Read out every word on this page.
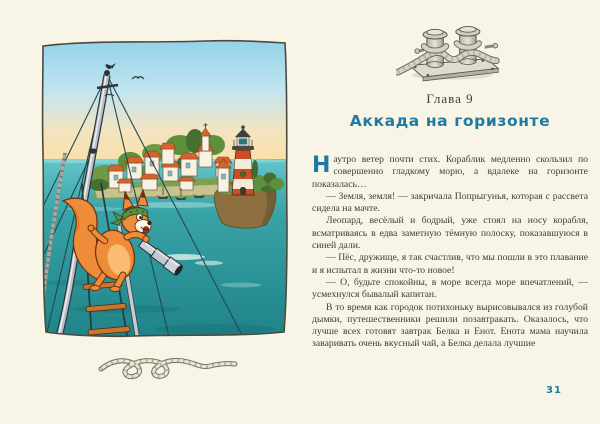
Глава 9
Аккада на горизонте

Наутро ветер почти стих. Кораблик медленно скользил по совершенно гладкому морю, а вдалеке на горизонте показалась…

— Земля, земля! — закричала Попрыгунья, которая с рассвета сидела на мачте.

Леопард, весёлый и бодрый, уже стоял на носу корабля, всматриваясь в едва заметную тёмную полоску, показавшуюся в синей дали.

— Пёс, дружище, я так счастлив, что мы пошли в это плавание и я испытал в жизни что-то новое!

— О, будьте спокойны, в море всегда море впечатлений, — усмехнулся бывалый капитан.

В то время как городок потихоньку вырисовывался из голубой дымки, путешественники решили позавтракать. Оказалось, что лучше всех готовят завтрак Белка и Енот. Енота мама научила заваривать очень вкусный чай, а Белка делала лучшие

31
